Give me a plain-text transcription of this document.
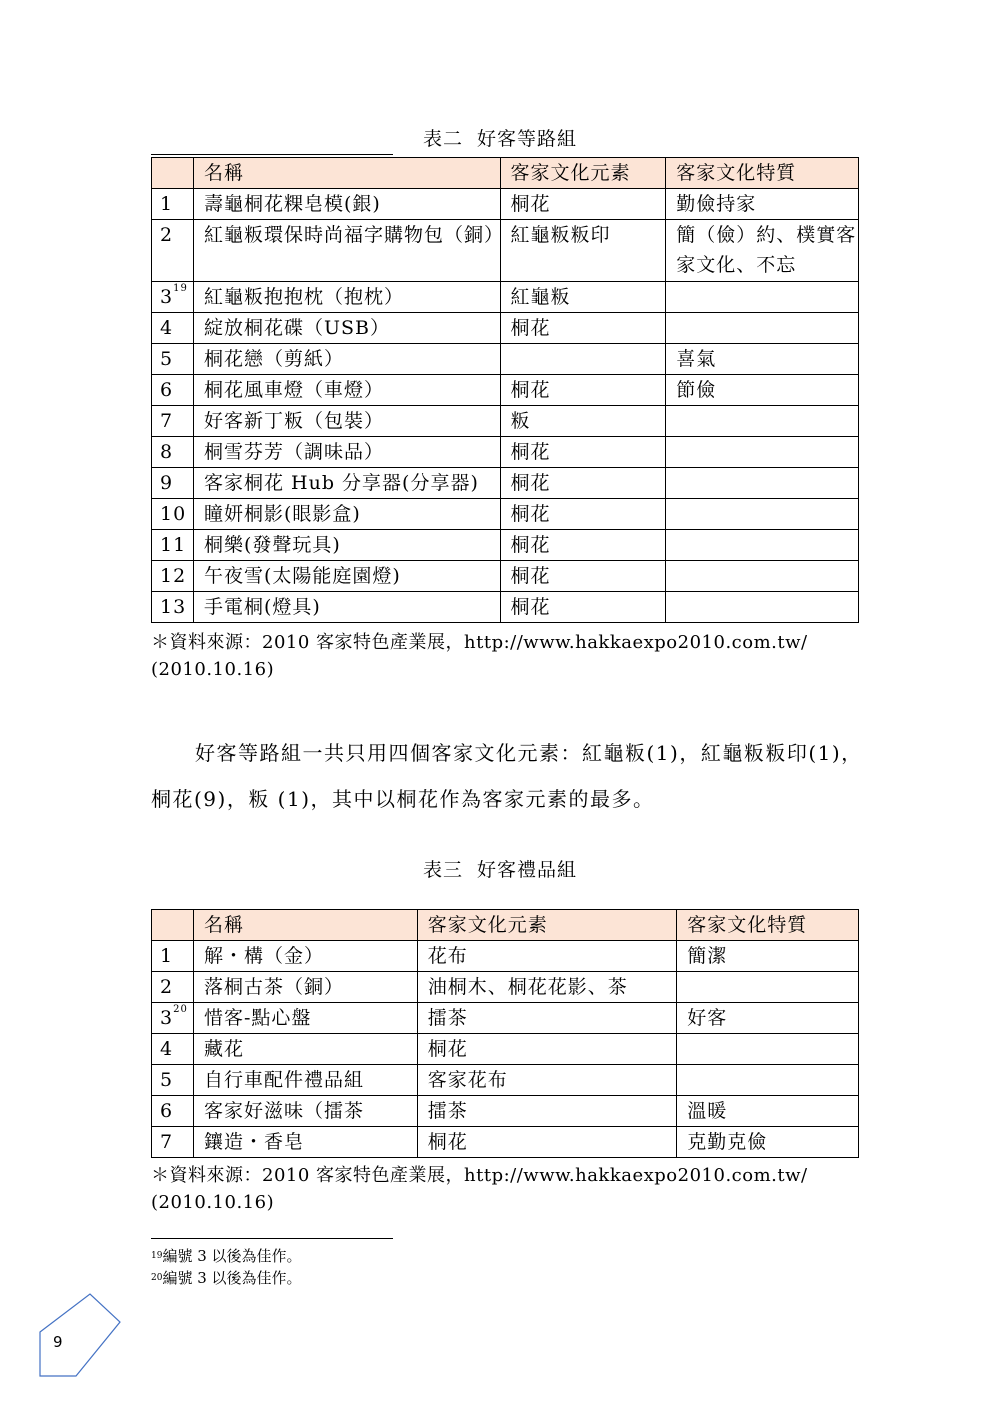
表二 好客等路組
	名稱	客家文化元素	客家文化特質
1	壽龜桐花粿皂模(銀)	桐花	勤儉持家
2	紅龜粄環保時尚福字購物包（銅）	紅龜粄粄印	簡（儉）約、樸實客　家文化、不忘
$3^{19}$	紅龜粄抱抱枕（抱枕）	紅龜粄	
4	綻放桐花碟（USB）	桐花	
5	桐花戀（剪紙）		喜氣
6	桐花風車燈（車燈）	桐花	節儉
7	好客新丁粄（包裝）	粄	
8	桐雪芬芳（調味品）	桐花	
9	客家桐花 Hub 分享器(分享器)	桐花	
10	瞳妍桐影(眼影盒)	桐花	
11	桐樂(發聲玩具)	桐花	
12	午夜雪(太陽能庭園燈)	桐花	
13	手電桐(燈具)	桐花	
＊資料來源：2010 客家特色產業展，http://www.hakkaexpo2010.com.tw/
(2010.10.16)
好客等路組一共只用四個客家文化元素：紅龜粄(1)，紅龜粄粄印(1)，
桐花(9)，粄 (1)，其中以桐花作為客家元素的最多。
表三 好客禮品組
	名稱	客家文化元素	客家文化特質
1	解・構（金）	花布	簡潔
2	落桐古茶（銅）	油桐木、桐花花影、茶	
$3^{20}$	惜客-點心盤	擂茶	好客
4	藏花	桐花	
5	自行車配件禮品組	客家花布	
6	客家好滋味（擂茶	擂茶	溫暖
7	鑲造・香皂	桐花	克勤克儉
＊資料來源：2010 客家特色產業展，http://www.hakkaexpo2010.com.tw/
(2010.10.16)
$^{19}$編號 3 以後為佳作。
$^{20}$編號 3 以後為佳作。
9
